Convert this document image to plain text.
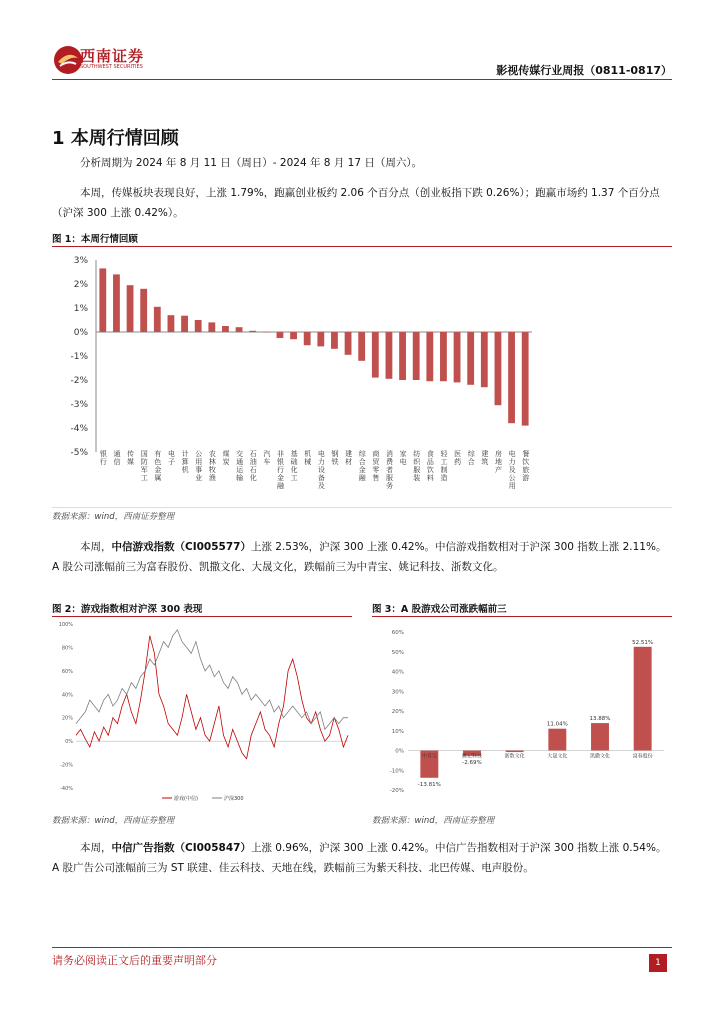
西南证券
SOUTHWEST SECURITIES	影视传媒行业周报（0811-0817）
1 本周行情回顾
分析周期为 2024 年 8 月 11 日（周日）- 2024 年 8 月 17 日（周六）。
本周，传媒板块表现良好，上涨 1.79%，跑赢创业板约 2.06 个百分点（创业板指下跌 0.26%）；跑赢市场约 1.37 个百分点（沪深 300 上涨 0.42%）。
图 1：本周行情回顾
3%
2%
1%
0%
-1%
-2%
-3%
-4%
-5% 银行
通信
传媒
国防军工
有色金属
电子
计算机
公用事业
农林牧渔
煤炭
交通运输
石油石化
汽车
非银行金融
基础化工
机械
电力设备及
钢铁
建材
综合金融
商贸零售
消费者服务
家电
纺织服装
食品饮料
轻工制造
医药
综合
建筑
房地产
电力及公用
餐饮旅游
数据来源：wind，西南证券整理
本周，中信游戏指数（CI005577）上涨 2.53%，沪深 300 上涨 0.42%。中信游戏指数相对于沪深 300 指数上涨 2.11%。A 股公司涨幅前三为富春股份、凯撒文化、大晟文化，跌幅前三为中青宝、姚记科技、浙数文化。
图 2：游戏指数相对沪深 300 表现
100%
80%
60%
40%
20%
0%
-20%
-40%
游戏(中信)	沪深300
数据来源：wind，西南证券整理
图 3：A 股游戏公司涨跌幅前三
60%
50%
40%
30%
20%
10%
0%
-10%
-20%
中青宝
-13.81%
姚记科技
-2.69%
浙数文化	大晟文化
11.04%
凯撒文化
13.88%
富春股份
52.51%
数据来源：wind，西南证券整理
本周，中信广告指数（CI005847）上涨 0.96%，沪深 300 上涨 0.42%。中信广告指数相对于沪深 300 指数上涨 0.54%。A 股广告公司涨幅前三为 ST 联建、佳云科技、天地在线，跌幅前三为紫天科技、北巴传媒、电声股份。
请务必阅读正文后的重要声明部分	1
